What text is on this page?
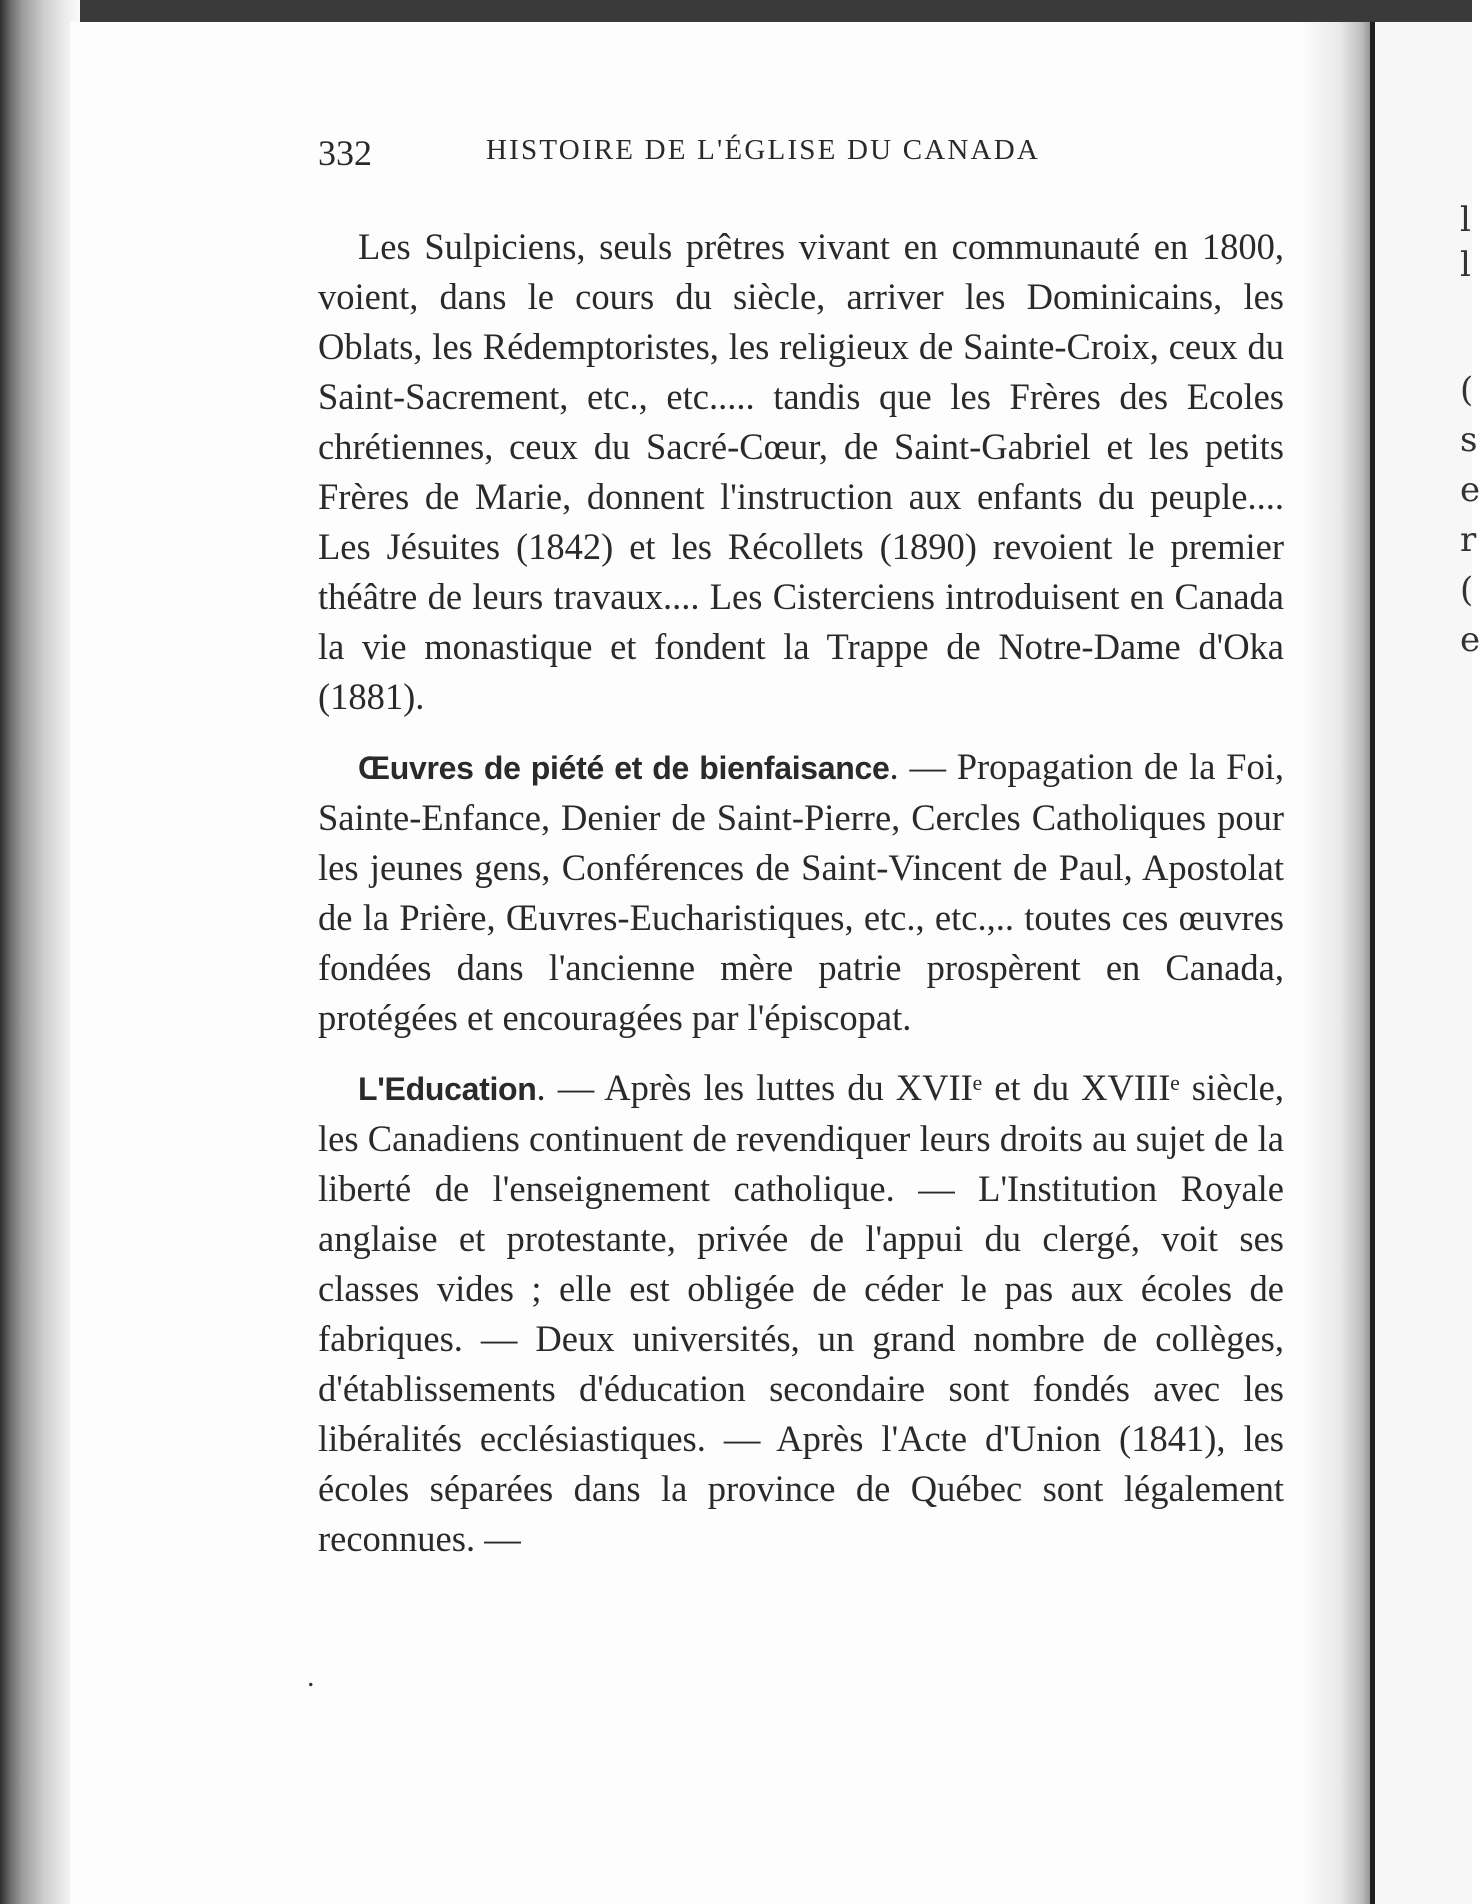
l
l
(
s
e
r
(
e
332	HISTOIRE DE L'ÉGLISE DU CANADA

Les Sulpiciens, seuls prêtres vivant en communauté en 1800, voient, dans le cours du siècle, arriver les Dominicains, les Oblats, les Rédemptoristes, les religieux de Sainte-Croix, ceux du Saint-Sacrement, etc., etc..... tandis que les Frères des Ecoles chrétiennes, ceux du Sacré-Cœur, de Saint-Gabriel et les petits Frères de Marie, donnent l'instruction aux enfants du peuple.... Les Jésuites (1842) et les Récollets (1890) revoient le premier théâtre de leurs travaux.... Les Cisterciens introduisent en Canada la vie monastique et fondent la Trappe de Notre-Dame d'Oka (1881).

Œuvres de piété et de bienfaisance. — Propagation de la Foi, Sainte-Enfance, Denier de Saint-Pierre, Cercles Catholiques pour les jeunes gens, Conférences de Saint-Vincent de Paul, Apostolat de la Prière, Œuvres-Eucharistiques, etc., etc.,.. toutes ces œuvres fondées dans l'ancienne mère patrie prospèrent en Canada, protégées et encouragées par l'épiscopat.

L'Education. — Après les luttes du XVIIᵉ et du XVIIIᵉ siècle, les Canadiens continuent de revendiquer leurs droits au sujet de la liberté de l'enseignement catholique. — L'Institution Royale anglaise et protestante, privée de l'appui du clergé, voit ses classes vides ; elle est obligée de céder le pas aux écoles de fabriques. — Deux universités, un grand nombre de collèges, d'établissements d'éducation secondaire sont fondés avec les libéralités ecclésiastiques. — Après l'Acte d'Union (1841), les écoles séparées dans la province de Québec sont légalement reconnues. —

.
